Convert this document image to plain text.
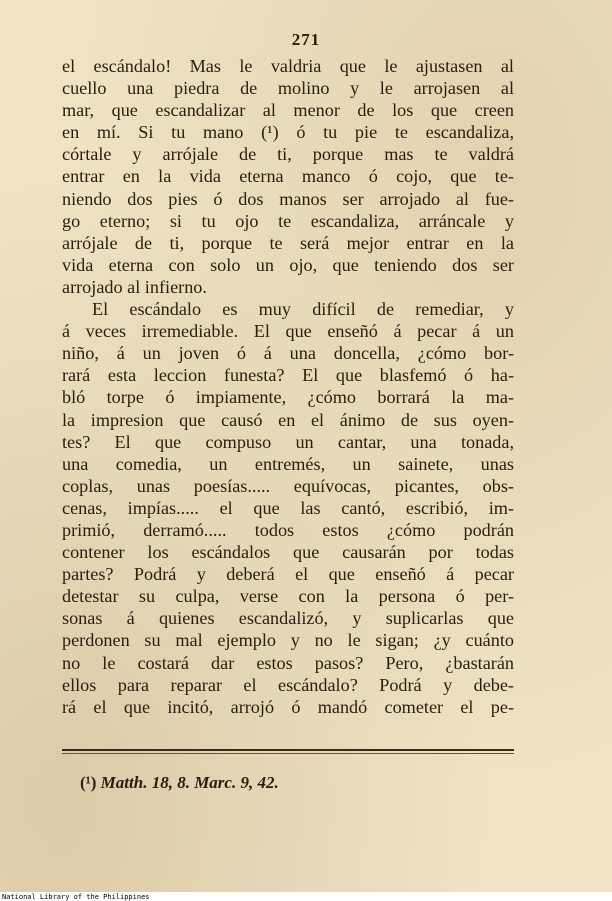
271
el escándalo! Mas le valdria que le ajustasen al
cuello una piedra de molino y le arrojasen al
mar, que escandalizar al menor de los que creen
en mí. Si tu mano (¹) ó tu pie te escandaliza,
córtale y arrójale de ti, porque mas te valdrá
entrar en la vida eterna manco ó cojo, que te-
niendo dos pies ó dos manos ser arrojado al fue-
go eterno; si tu ojo te escandaliza, arráncale y
arrójale de ti, porque te será mejor entrar en la
vida eterna con solo un ojo, que teniendo dos ser
arrojado al infierno.
El escándalo es muy difícil de remediar, y
á veces irremediable. El que enseñó á pecar á un
niño, á un joven ó á una doncella, ¿cómo bor-
rará esta leccion funesta? El que blasfemó ó ha-
bló torpe ó impiamente, ¿cómo borrará la ma-
la impresion que causó en el ánimo de sus oyen-
tes? El que compuso un cantar, una tonada,
una comedia, un entremés, un sainete, unas
coplas, unas poesías..... equívocas, picantes, obs-
cenas, impías..... el que las cantó, escribió, im-
primió, derramó..... todos estos ¿cómo podrán
contener los escándalos que causarán por todas
partes? Podrá y deberá el que enseñó á pecar
detestar su culpa, verse con la persona ó per-
sonas á quienes escandalizó, y suplicarlas que
perdonen su mal ejemplo y no le sigan; ¿y cuánto
no le costará dar estos pasos? Pero, ¿bastarán
ellos para reparar el escándalo? Podrá y debe-
rá el que incitó, arrojó ó mandó cometer el pe-
(¹) Matth. 18, 8. Marc. 9, 42.
National Library of the Philippines
